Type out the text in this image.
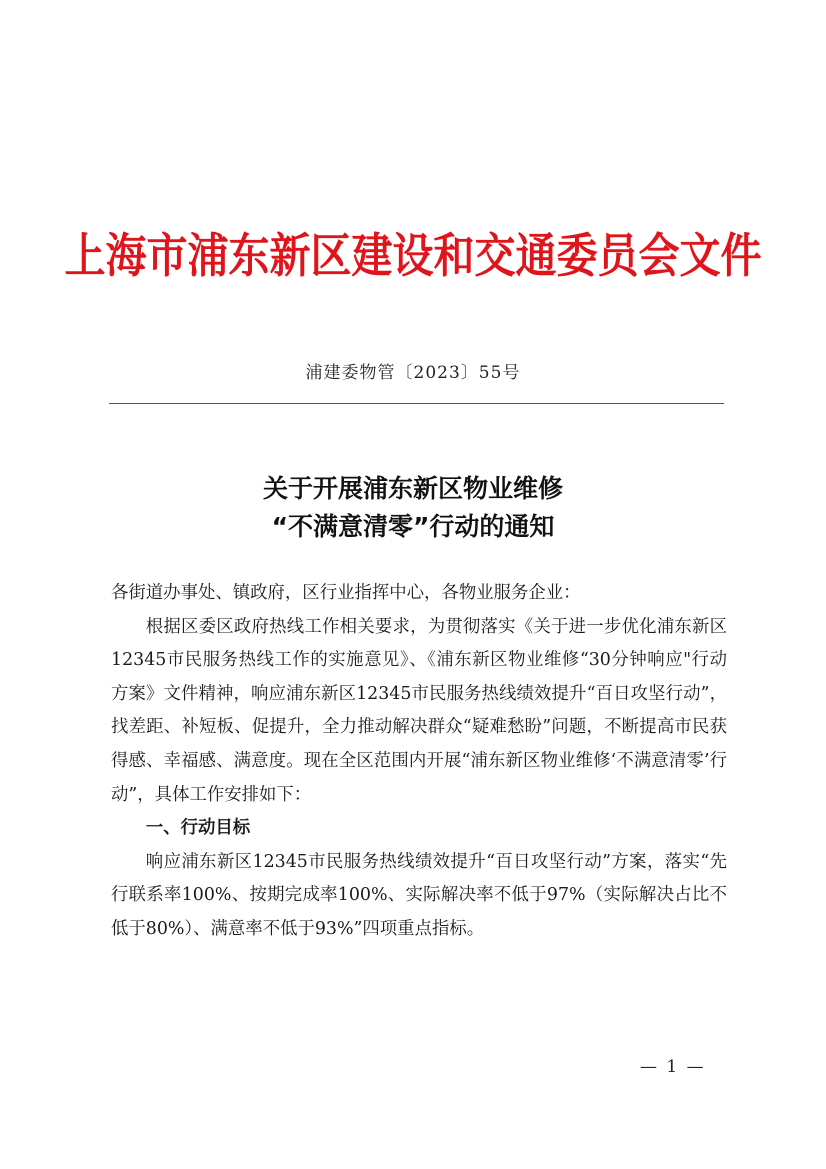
上海市浦东新区建设和交通委员会文件
浦建委物管〔2023〕55号
关于开展浦东新区物业维修
“不满意清零”行动的通知

各街道办事处、镇政府，区行业指挥中心，各物业服务企业：

根据区委区政府热线工作相关要求，为贯彻落实《关于进一步优化浦东新区12345市民服务热线工作的实施意见》、《浦东新区物业维修“30分钟响应"行动方案》文件精神，响应浦东新区12345市民服务热线绩效提升“百日攻坚行动”，找差距、补短板、促提升，全力推动解决群众“疑难愁盼”问题，不断提高市民获得感、幸福感、满意度。现在全区范围内开展“浦东新区物业维修‘不满意清零’行动”，具体工作安排如下：

一、行动目标

响应浦东新区12345市民服务热线绩效提升“百日攻坚行动”方案，落实“先行联系率100%、按期完成率100%、实际解决率不低于97%（实际解决占比不低于80%）、满意率不低于93%”四项重点指标。

— 1 —
